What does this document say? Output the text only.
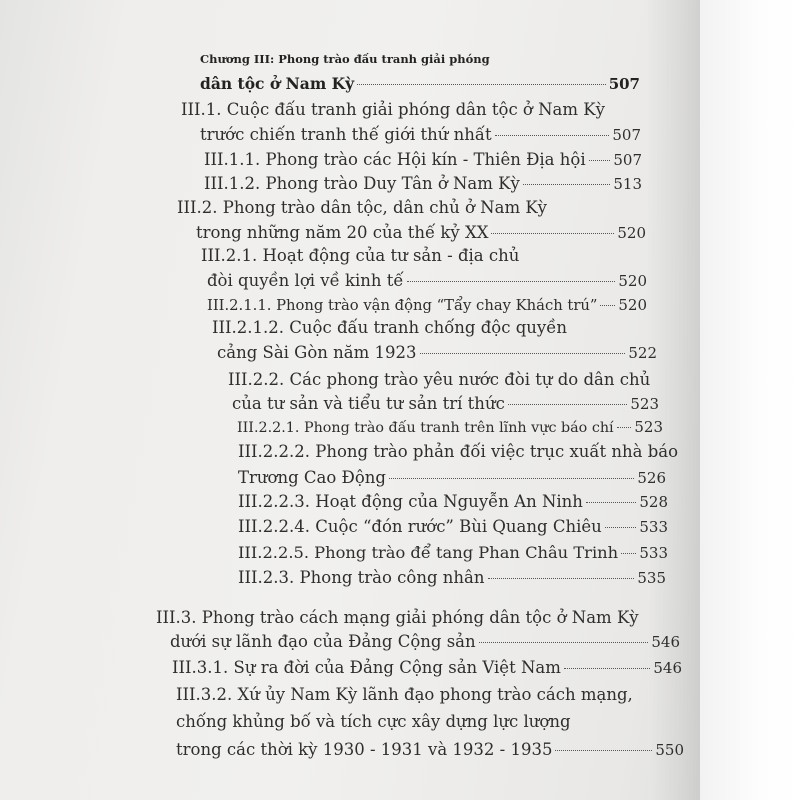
Chương III: Phong trào đấu tranh giải phóng
dân tộc ở Nam Kỳ	507
III.1. Cuộc đấu tranh giải phóng dân tộc ở Nam Kỳ
trước chiến tranh thế giới thứ nhất	507
III.1.1. Phong trào các Hội kín - Thiên Địa hội 507
III.1.2. Phong trào Duy Tân ở Nam Kỳ	513
III.2. Phong trào dân tộc, dân chủ ở Nam Kỳ
trong những năm 20 của thế kỷ XX	520
III.2.1. Hoạt động của tư sản - địa chủ
đòi quyền lợi về kinh tế	520
III.2.1.1. Phong trào vận động “Tẩy chay Khách trú” 520
III.2.1.2. Cuộc đấu tranh chống độc quyền
cảng Sài Gòn năm 1923	522
III.2.2. Các phong trào yêu nước đòi tự do dân chủ
của tư sản và tiểu tư sản trí thức	523
III.2.2.1. Phong trào đấu tranh trên lĩnh vực báo chí 523
III.2.2.2. Phong trào phản đối việc trục xuất nhà báo
Trương Cao Động	526
III.2.2.3. Hoạt động của Nguyễn An Ninh	528
III.2.2.4. Cuộc “đón rước” Bùi Quang Chiêu	533
III.2.2.5. Phong trào để tang Phan Châu Trinh 533
III.2.3. Phong trào công nhân	535
III.3. Phong trào cách mạng giải phóng dân tộc ở Nam Kỳ
dưới sự lãnh đạo của Đảng Cộng sản	546
III.3.1. Sự ra đời của Đảng Cộng sản Việt Nam	546
III.3.2. Xứ ủy Nam Kỳ lãnh đạo phong trào cách mạng,
chống khủng bố và tích cực xây dựng lực lượng
trong các thời kỳ 1930 - 1931 và 1932 - 1935	550
